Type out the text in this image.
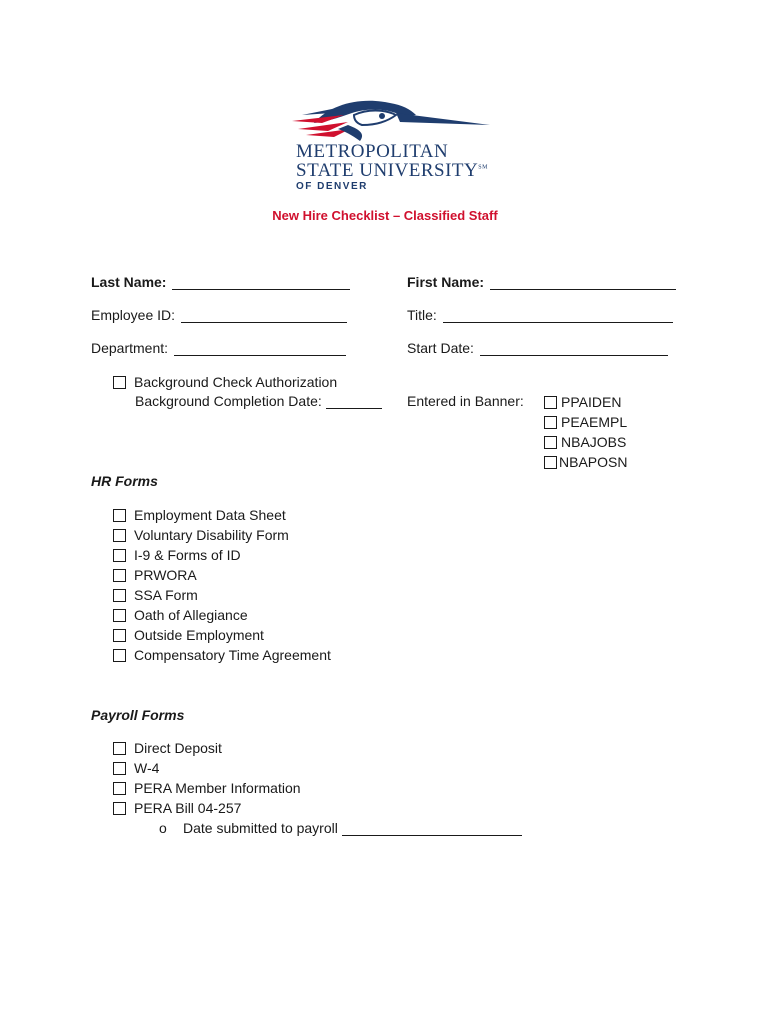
METROPOLITAN
STATE UNIVERSITY℠
OF DENVER
New Hire Checklist – Classified Staff
Last Name:	First Name:
Employee ID:	Title:
Department:	Start Date:
Background Check Authorization
Background Completion Date:	Entered in Banner:	PPAIDEN
PEAEMPL
NBAJOBS
NBAPOSN
HR Forms
Employment Data Sheet
Voluntary Disability Form
I-9 & Forms of ID
PRWORA
SSA Form
Oath of Allegiance
Outside Employment
Compensatory Time Agreement
Payroll Forms
Direct Deposit
W-4
PERA Member Information
PERA Bill 04-257
o	Date submitted to payroll
